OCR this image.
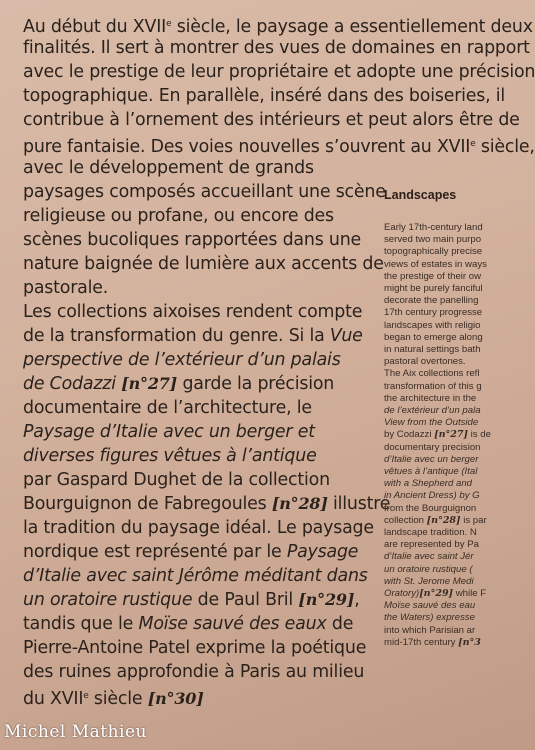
Au début du XVIIe siècle, le paysage a essentiellement deux
finalités. Il sert à montrer des vues de domaines en rapport
avec le prestige de leur propriétaire et adopte une précision
topographique. En parallèle, inséré dans des boiseries, il
contribue à l’ornement des intérieurs et peut alors être de
pure fantaisie. Des voies nouvelles s’ouvrent au XVIIe siècle,
avec le développement de grands
paysages composés accueillant une scène
religieuse ou profane, ou encore des
scènes bucoliques rapportées dans une
nature baignée de lumière aux accents de
pastorale.
Les collections aixoises rendent compte
de la transformation du genre. Si la Vue
perspective de l’extérieur d’un palais
de Codazzi [n°27] garde la précision
documentaire de l’architecture, le
Paysage d’Italie avec un berger et
diverses figures vêtues à l’antique
par Gaspard Dughet de la collection
Bourguignon de Fabregoules [n°28] illustre
la tradition du paysage idéal. Le paysage
nordique est représenté par le Paysage
d’Italie avec saint Jérôme méditant dans
un oratoire rustique de Paul Bril [n°29],
tandis que le Moïse sauvé des eaux de
Pierre-Antoine Patel exprime la poétique
des ruines approfondie à Paris au milieu
du XVIIe siècle [n°30]
Landscapes
Early 17th-century land
served two main purpo
topographically precise
views of estates in ways
the prestige of their ow
might be purely fanciful
decorate the panelling
17th century progresse
landscapes with religio
began to emerge along
in natural settings bath
pastoral overtones.
The Aix collections refl
transformation of this g
the architecture in the
de l’extérieur d’un pala
View from the Outside
by Codazzi [n°27] is de
documentary precision
d’Italie avec un berger
vêtues à l’antique (Ital
with a Shepherd and
in Ancient Dress) by G
from the Bourguignon
collection [n°28] is par
landscape tradition. N
are represented by Pa
d’Italie avec saint Jér
un oratoire rustique (
with St. Jerome Medi
Oratory)[n°29] while F
Moïse sauvé des eau
the Waters) expresse
into which Parisian ar
mid-17th century [n°3
Michel Mathieu
